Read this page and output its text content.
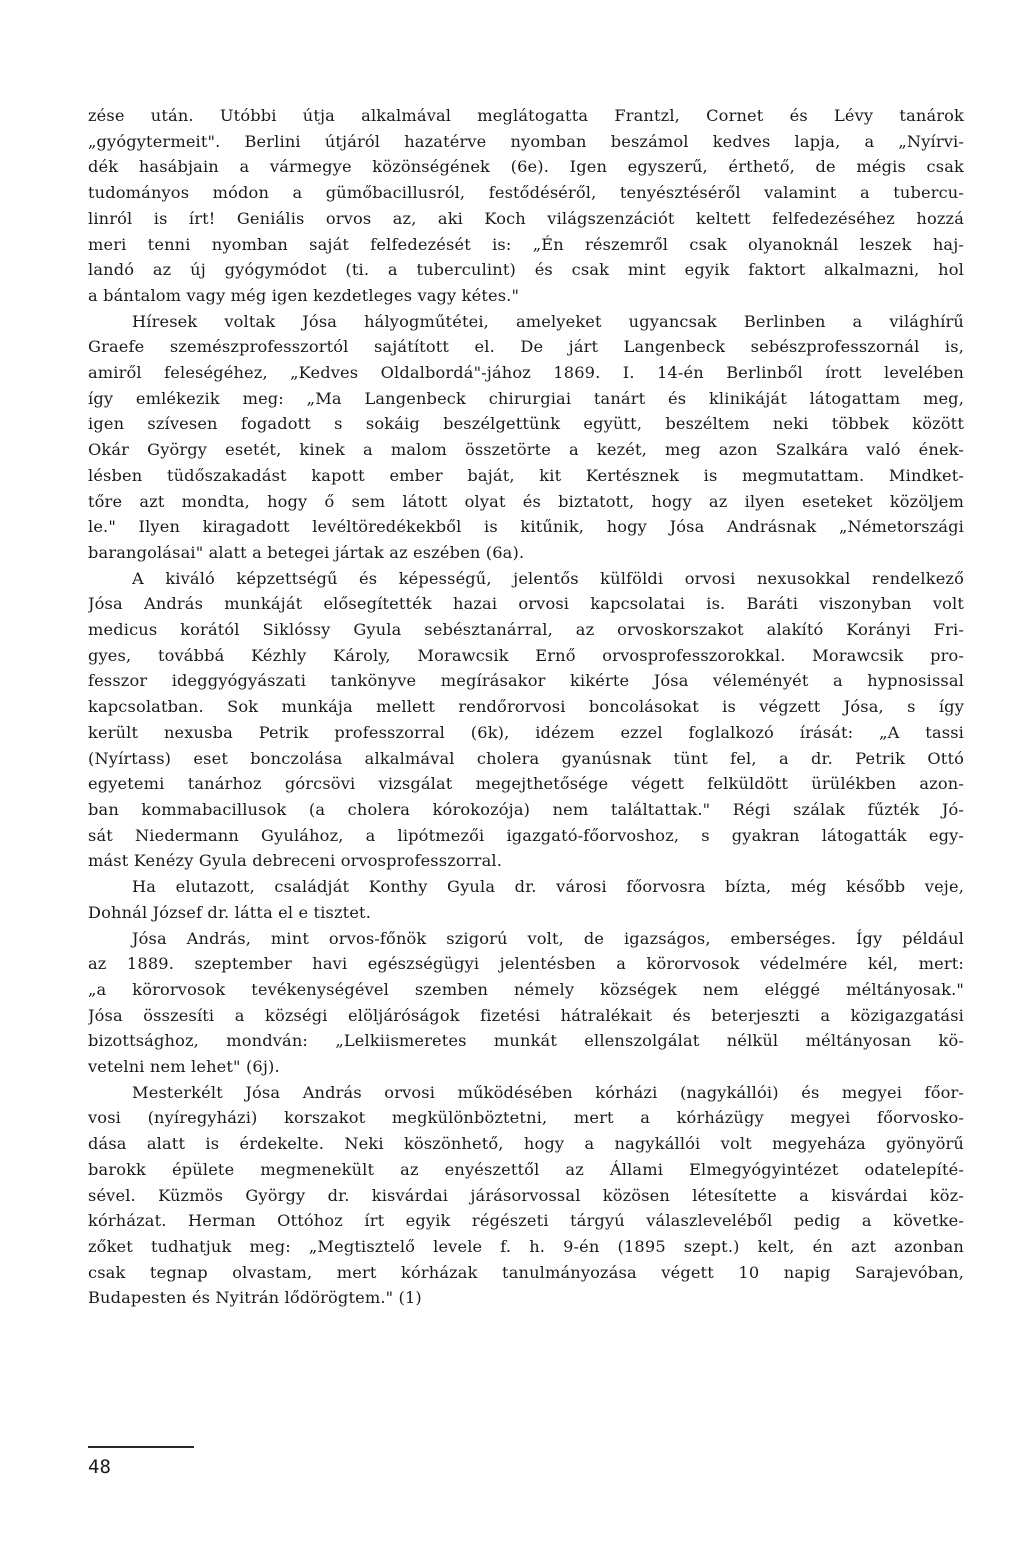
zése után. Utóbbi útja alkalmával meglátogatta Frantzl, Cornet és Lévy tanárok
„gyógytermeit". Berlini útjáról hazatérve nyomban beszámol kedves lapja, a „Nyírvi-
dék hasábjain a vármegye közönségének (6e). Igen egyszerű, érthető, de mégis csak
tudományos módon a gümőbacillusról, festődéséről, tenyésztéséről valamint a tubercu-
linról is írt! Geniális orvos az, aki Koch világszenzációt keltett felfedezéséhez hozzá
meri tenni nyomban saját felfedezését is: „Én részemről csak olyanoknál leszek haj-
landó az új gyógymódot (ti. a tuberculint) és csak mint egyik faktort alkalmazni, hol
a bántalom vagy még igen kezdetleges vagy kétes."
Híresek voltak Jósa hályogműtétei, amelyeket ugyancsak Berlinben a világhírű
Graefe szemészprofesszortól sajátított el. De járt Langenbeck sebészprofesszornál is,
amiről feleségéhez, „Kedves Oldalbordá"-jához 1869. I. 14-én Berlinből írott levelében
így emlékezik meg: „Ma Langenbeck chirurgiai tanárt és klinikáját látogattam meg,
igen szívesen fogadott s sokáig beszélgettünk együtt, beszéltem neki többek között
Okár György esetét, kinek a malom összetörte a kezét, meg azon Szalkára való ének-
lésben tüdőszakadást kapott ember baját, kit Kertésznek is megmutattam. Mindket-
tőre azt mondta, hogy ő sem látott olyat és biztatott, hogy az ilyen eseteket közöljem
le." Ilyen kiragadott levéltöredékekből is kitűnik, hogy Jósa Andrásnak „Németországi
barangolásai" alatt a betegei jártak az eszében (6a).
A kiváló képzettségű és képességű, jelentős külföldi orvosi nexusokkal rendelkező
Jósa András munkáját elősegítették hazai orvosi kapcsolatai is. Baráti viszonyban volt
medicus korától Siklóssy Gyula sebésztanárral, az orvoskorszakot alakító Korányi Fri-
gyes, továbbá Kézhly Károly, Morawcsik Ernő orvosprofesszorokkal. Morawcsik pro-
fesszor ideggyógyászati tankönyve megírásakor kikérte Jósa véleményét a hypnosissal
kapcsolatban. Sok munkája mellett rendőrorvosi boncolásokat is végzett Jósa, s így
került nexusba Petrik professzorral (6k), idézem ezzel foglalkozó írását: „A tassi
(Nyírtass) eset bonczolása alkalmával cholera gyanúsnak tünt fel, a dr. Petrik Ottó
egyetemi tanárhoz górcsövi vizsgálat megejthetősége végett felküldött ürülékben azon-
ban kommabacillusok (a cholera kórokozója) nem találtattak." Régi szálak fűzték Jó-
sát Niedermann Gyulához, a lipótmezői igazgató-főorvoshoz, s gyakran látogatták egy-
mást Kenézy Gyula debreceni orvosprofesszorral.
Ha elutazott, családját Konthy Gyula dr. városi főorvosra bízta, még később veje,
Dohnál József dr. látta el e tisztet.
Jósa András, mint orvos-főnök szigorú volt, de igazságos, emberséges. Így például
az 1889. szeptember havi egészségügyi jelentésben a körorvosok védelmére kél, mert:
„a körorvosok tevékenységével szemben némely községek nem eléggé méltányosak."
Jósa összesíti a községi elöljáróságok fizetési hátralékait és beterjeszti a közigazgatási
bizottsághoz, mondván: „Lelkiismeretes munkát ellenszolgálat nélkül méltányosan kö-
vetelni nem lehet" (6j).
Mesterkélt Jósa András orvosi működésében kórházi (nagykállói) és megyei főor-
vosi (nyíregyházi) korszakot megkülönböztetni, mert a kórházügy megyei főorvosko-
dása alatt is érdekelte. Neki köszönhető, hogy a nagykállói volt megyeháza gyönyörű
barokk épülete megmenekült az enyészettől az Állami Elmegyógyintézet odatelepíté-
sével. Küzmös György dr. kisvárdai járásorvossal közösen létesítette a kisvárdai köz-
kórházat. Herman Ottóhoz írt egyik régészeti tárgyú válaszleveléből pedig a követke-
zőket tudhatjuk meg: „Megtisztelő levele f. h. 9-én (1895 szept.) kelt, én azt azonban
csak tegnap olvastam, mert kórházak tanulmányozása végett 10 napig Sarajevóban,
Budapesten és Nyitrán lődörögtem." (1)
48
